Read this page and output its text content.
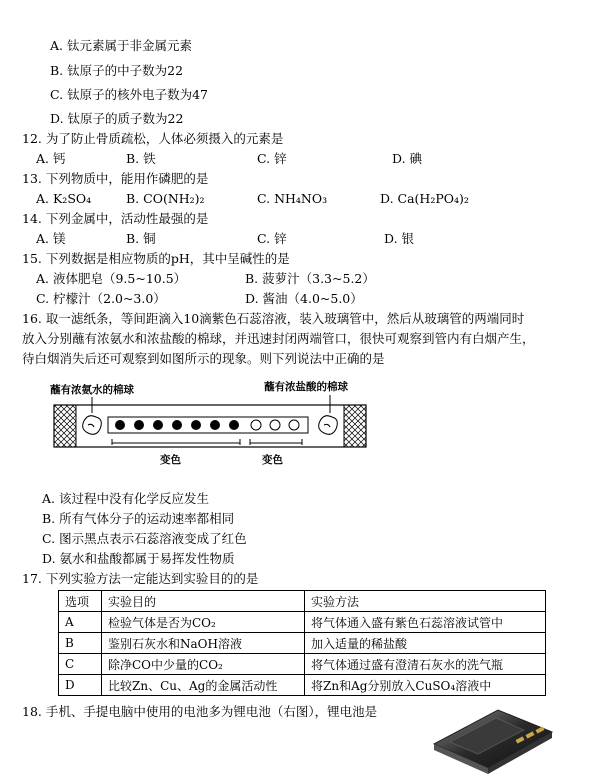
A. 钛元素属于非金属元素
B. 钛原子的中子数为22
C. 钛原子的核外电子数为47
D. 钛原子的质子数为22
12. 为了防止骨质疏松，人体必须摄入的元素是
A. 钙	B. 铁	C. 锌	D. 碘
13. 下列物质中，能用作磷肥的是
A. K₂SO₄	B. CO(NH₂)₂	C. NH₄NO₃	D. Ca(H₂PO₄)₂
14. 下列金属中，活动性最强的是
A. 镁	B. 铜	C. 锌	D. 银
15. 下列数据是相应物质的pH，其中呈碱性的是
A. 液体肥皂（9.5~10.5）	B. 菠萝汁（3.3~5.2）
C. 柠檬汁（2.0~3.0）	D. 酱油（4.0~5.0）
16. 取一滤纸条，等间距滴入10滴紫色石蕊溶液，装入玻璃管中，然后从玻璃管的两端同时
放入分别蘸有浓氨水和浓盐酸的棉球，并迅速封闭两端管口，很快可观察到管内有白烟产生，
待白烟消失后还可观察到如图所示的现象。则下列说法中正确的是
蘸有浓氨水的棉球	蘸有浓盐酸的棉球
变色	变色
A. 该过程中没有化学反应发生
B. 所有气体分子的运动速率都相同
C. 图示黑点表示石蕊溶液变成了红色
D. 氨水和盐酸都属于易挥发性物质
17. 下列实验方法一定能达到实验目的的是
选项	实验目的	实验方法
A	检验气体是否为CO₂	将气体通入盛有紫色石蕊溶液试管中
B	鉴别石灰水和NaOH溶液	加入适量的稀盐酸
C	除净CO中少量的CO₂	将气体通过盛有澄清石灰水的洗气瓶
D	比较Zn、Cu、Ag的金属活动性	将Zn和Ag分别放入CuSO₄溶液中
18. 手机、手提电脑中使用的电池多为锂电池（右图），锂电池是
